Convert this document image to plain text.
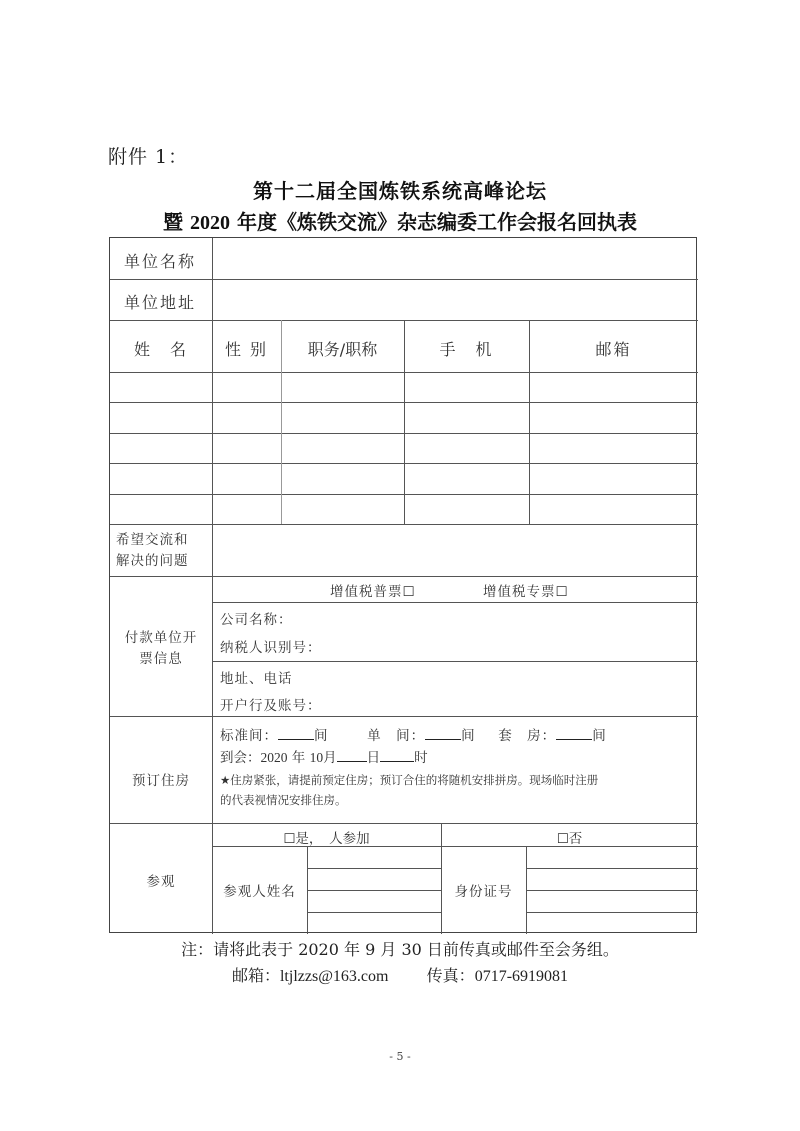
附件 1：
第十二届全国炼铁系统高峰论坛
暨 2020 年度《炼铁交流》杂志编委工作会报名回执表
单位名称
单位地址
姓　名	性 别	职务/职称	手　机	邮箱
希望交流和
解决的问题
付款单位开
票信息
增值税普票☐	增值税专票☐
公司名称：
纳税人识别号：
地址、电话
开户行及账号：
预订住房
标准间：	间	单　间：	间 套　房：	间
到会：2020 年 10月 日	时
★住房紧张，请提前预定住房；预订合住的将随机安排拼房。现场临时注册
的代表视情况安排住房。
参观
☐是，　人参加	☐否
参观人姓名	身份证号
注：请将此表于 2020 年 9 月 30 日前传真或邮件至会务组。
邮箱：ltjlzzs@163.com 传真：0717-6919081
- 5 -
